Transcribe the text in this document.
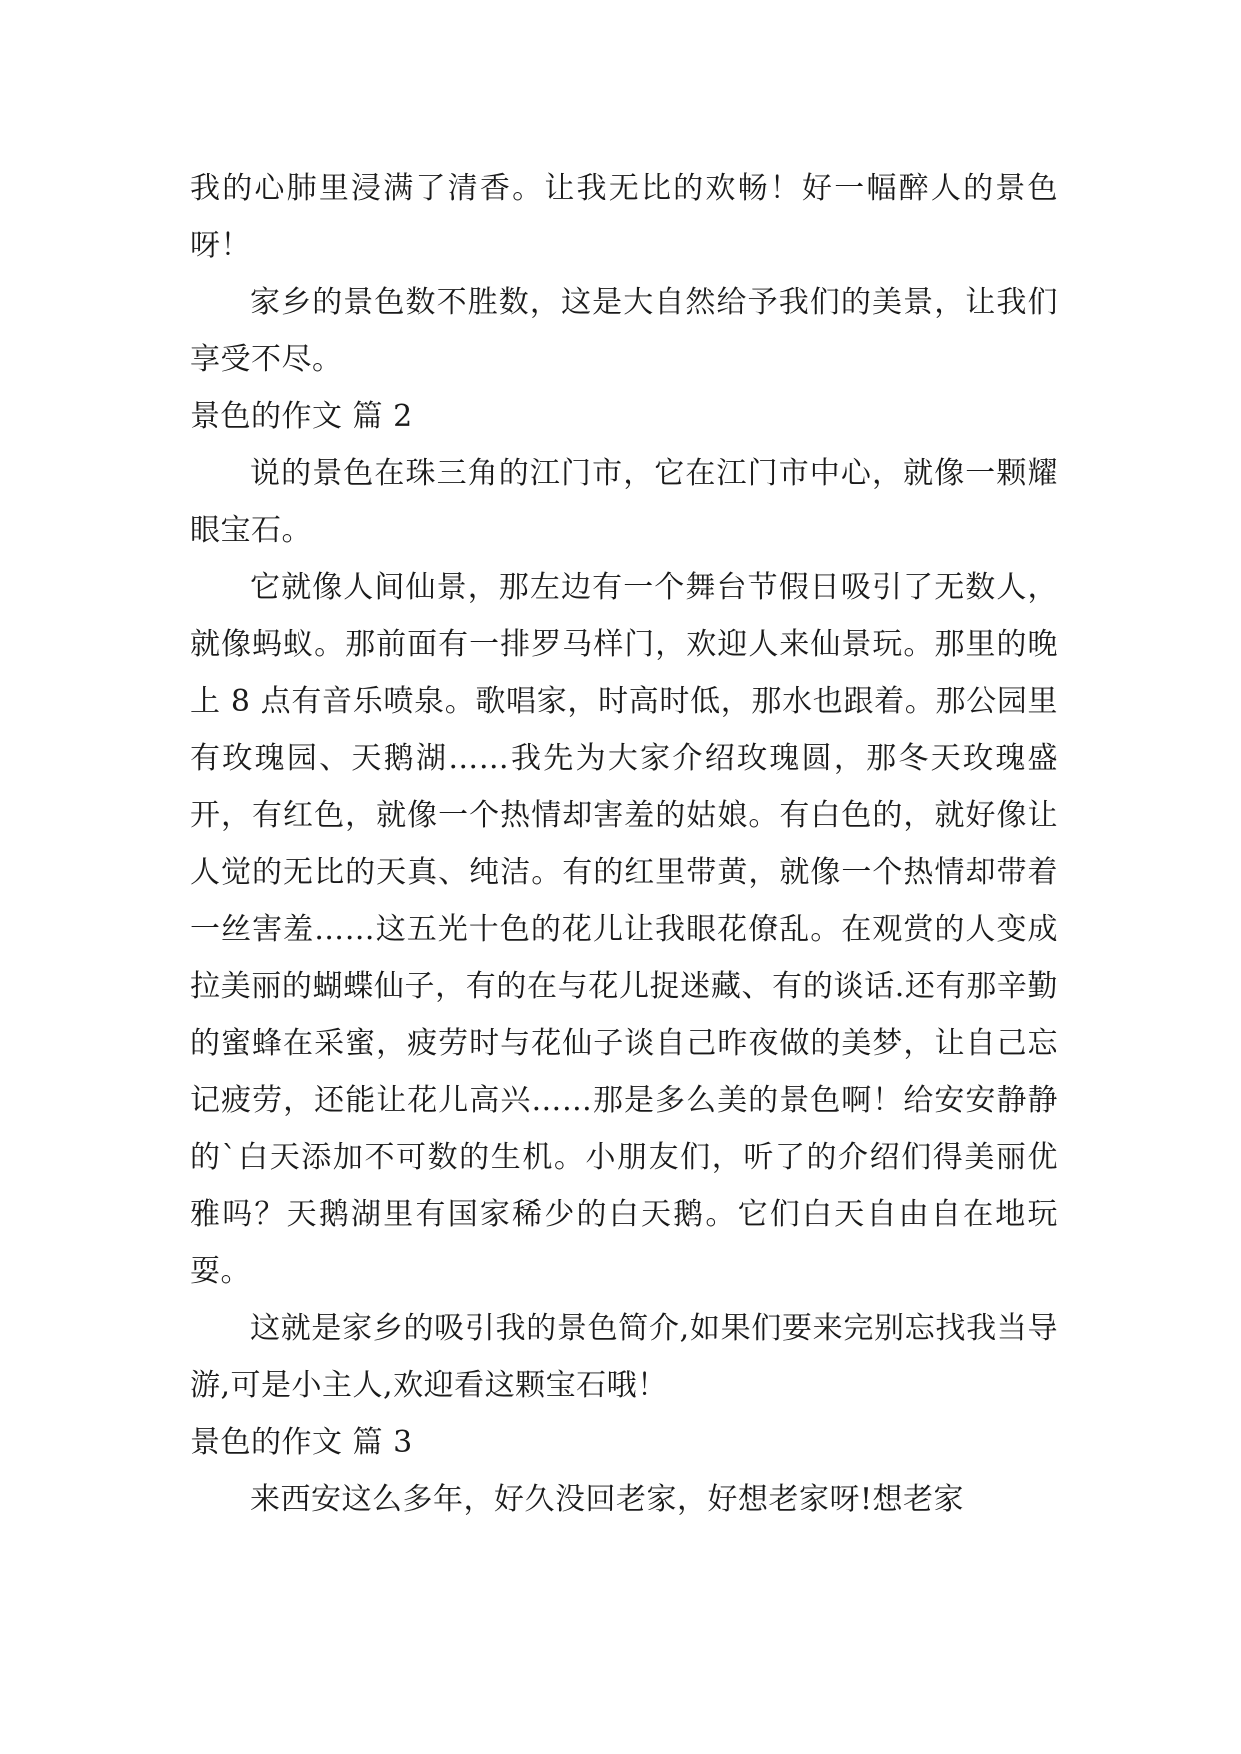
我的心肺里浸满了清香。让我无比的欢畅！好一幅醉人的景色呀！

家乡的景色数不胜数，这是大自然给予我们的美景，让我们享受不尽。

景色的作文 篇 2

说的景色在珠三角的江门市，它在江门市中心，就像一颗耀眼宝石。

它就像人间仙景，那左边有一个舞台节假日吸引了无数人，就像蚂蚁。那前面有一排罗马样门，欢迎人来仙景玩。那里的晚上 8 点有音乐喷泉。歌唱家，时高时低，那水也跟着。那公园里有玫瑰园、天鹅湖……我先为大家介绍玫瑰圆，那冬天玫瑰盛开，有红色，就像一个热情却害羞的姑娘。有白色的，就好像让人觉的无比的天真、纯洁。有的红里带黄，就像一个热情却带着一丝害羞……这五光十色的花儿让我眼花僚乱。在观赏的人变成拉美丽的蝴蝶仙子，有的在与花儿捉迷藏、有的谈话.还有那辛勤的蜜蜂在采蜜，疲劳时与花仙子谈自己昨夜做的美梦，让自己忘记疲劳，还能让花儿高兴……那是多么美的景色啊！给安安静静的`白天添加不可数的生机。小朋友们，听了的介绍们得美丽优雅吗？天鹅湖里有国家稀少的白天鹅。它们白天自由自在地玩耍。

这就是家乡的吸引我的景色简介,如果们要来完别忘找我当导游,可是小主人,欢迎看这颗宝石哦！

景色的作文 篇 3

来西安这么多年，好久没回老家，好想老家呀!想老家
